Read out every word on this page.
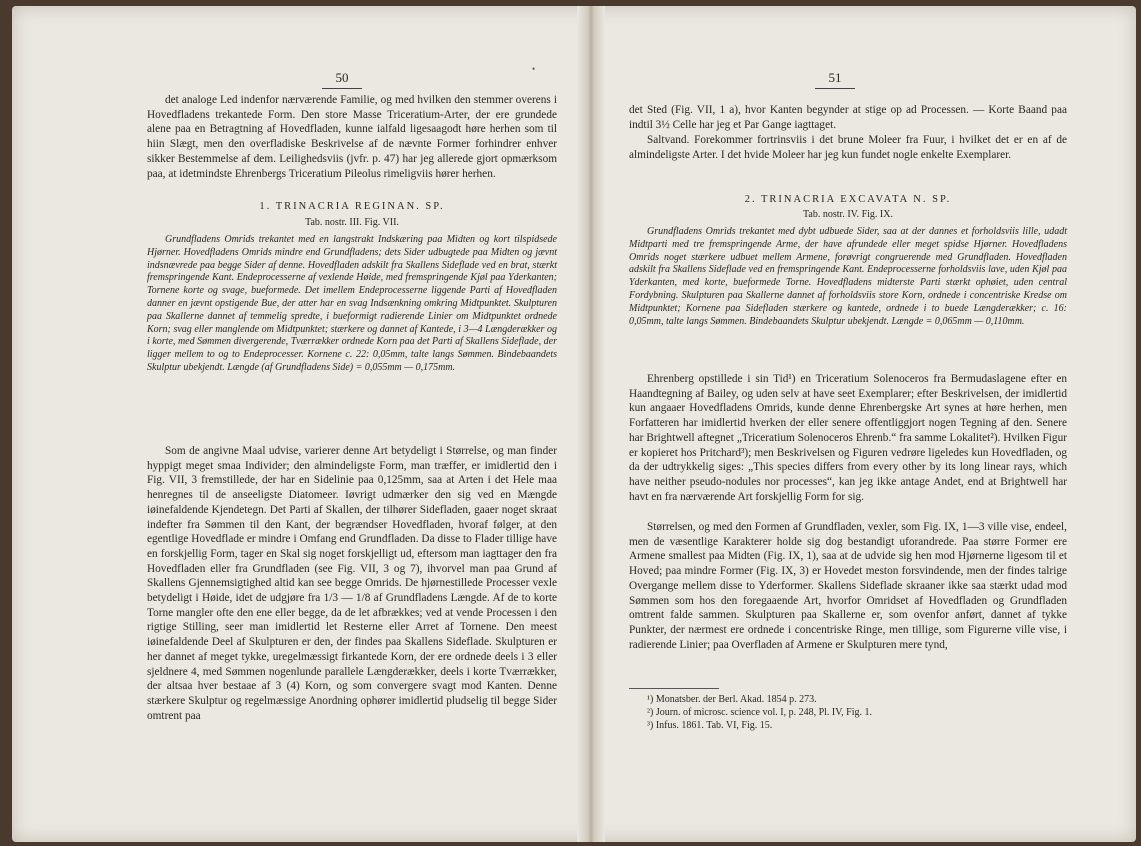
50
det analoge Led indenfor nærværende Familie, og med hvilken den stemmer overens i Hovedfladens trekantede Form. Den store Masse Triceratium-Arter, der ere grundede alene paa en Betragtning af Hovedfladen, kunne ialfald ligesaagodt høre herhen som til hiin Slægt, men den overfladiske Beskrivelse af de nævnte Former forhindrer enhver sikker Bestemmelse af dem. Leilighedsviis (jvfr. p. 47) har jeg allerede gjort opmærksom paa, at idetmindste Ehrenbergs Triceratium Pileolus rimeligviis hører herhen.
1. TRINACRIA REGINAN. SP.
Tab. nostr. III. Fig. VII.
Grundfladens Omrids trekantet med en langstrakt Indskæring paa Midten og kort tilspidsede Hjørner. Hovedfladens Omrids mindre end Grundfladens; dets Sider udbugtede paa Midten og jævnt indsnævrede paa begge Sider af denne. Hovedfladen adskilt fra Skallens Sideflade ved en brat, stærkt fremspringende Kant. Endeprocesserne af vexlende Høide, med fremspringende Kjøl paa Yderkanten; Tornene korte og svage, bueformede. Det imellem Endeprocesserne liggende Parti af Hovedfladen danner en jævnt opstigende Bue, der atter har en svag Indsænkning omkring Midtpunktet. Skulpturen paa Skallerne dannet af temmelig spredte, i bueformigt radierende Linier om Midtpunktet ordnede Korn; svag eller manglende om Midtpunktet; stærkere og dannet af Kantede, i 3—4 Længderækker og i korte, med Sømmen divergerende, Tværrækker ordnede Korn paa det Parti af Skallens Sideflade, der ligger mellem to og to Endeprocesser. Kornene c. 22: 0,05mm, talte langs Sømmen. Bindebaandets Skulptur ubekjendt. Længde (af Grundfladens Side) = 0,055mm — 0,175mm.
Som de angivne Maal udvise, varierer denne Art betydeligt i Størrelse, og man finder hyppigt meget smaa Individer; den almindeligste Form, man træffer, er imidlertid den i Fig. VII, 3 fremstillede, der har en Sidelinie paa 0,125mm, saa at Arten i det Hele maa henregnes til de anseeligste Diatomeer. Iøvrigt udmærker den sig ved en Mængde iøinefaldende Kjendetegn. Det Parti af Skallen, der tilhører Sidefladen, gaaer noget skraat indefter fra Sømmen til den Kant, der begrændser Hovedfladen, hvoraf følger, at den egentlige Hovedflade er mindre i Omfang end Grundfladen. Da disse to Flader tillige have en forskjellig Form, tager en Skal sig noget forskjelligt ud, eftersom man iagttager den fra Hovedfladen eller fra Grundfladen (see Fig. VII, 3 og 7), ihvorvel man paa Grund af Skallens Gjennemsigtighed altid kan see begge Omrids. De hjørnestillede Processer vexle betydeligt i Høide, idet de udgjøre fra 1/3 — 1/8 af Grundfladens Længde. Af de to korte Torne mangler ofte den ene eller begge, da de let afbrækkes; ved at vende Processen i den rigtige Stilling, seer man imidlertid let Resterne eller Arret af Tornene. Den meest iøinefaldende Deel af Skulpturen er den, der findes paa Skallens Sideflade. Skulpturen er her dannet af meget tykke, uregelmæssigt firkantede Korn, der ere ordnede deels i 3 eller sjeldnere 4, med Sømmen nogenlunde parallele Længderækker, deels i korte Tværrækker, der altsaa hver bestaae af 3 (4) Korn, og som convergere svagt mod Kanten. Denne stærkere Skulptur og regelmæssige Anordning ophører imidlertid pludselig til begge Sider omtrent paa
•
51
det Sted (Fig. VII, 1 a), hvor Kanten begynder at stige op ad Processen. — Korte Baand paa indtil 3½ Celle har jeg et Par Gange iagttaget.
Saltvand. Forekommer fortrinsviis i det brune Moleer fra Fuur, i hvilket det er en af de almindeligste Arter. I det hvide Moleer har jeg kun fundet nogle enkelte Exemplarer.
2. TRINACRIA EXCAVATA N. SP.
Tab. nostr. IV. Fig. IX.
Grundfladens Omrids trekantet med dybt udbuede Sider, saa at der dannes et forholdsviis lille, udadt Midtparti med tre fremspringende Arme, der have afrundede eller meget spidse Hjørner. Hovedfladens Omrids noget stærkere udbuet mellem Armene, forøvrigt congruerende med Grundfladen. Hovedfladen adskilt fra Skallens Sideflade ved en fremspringende Kant. Endeprocesserne forholdsviis lave, uden Kjøl paa Yderkanten, med korte, bueformede Torne. Hovedfladens midterste Parti stærkt ophøiet, uden central Fordybning. Skulpturen paa Skallerne dannet af forholdsviis store Korn, ordnede i concentriske Kredse om Midtpunktet; Kornene paa Sidefladen stærkere og kantede, ordnede i to buede Længderækker; c. 16: 0,05mm, talte langs Sømmen. Bindebaandets Skulptur ubekjendt. Længde = 0,065mm — 0,110mm.
Ehrenberg opstillede i sin Tid¹) en Triceratium Solenoceros fra Bermudaslagene efter en Haandtegning af Bailey, og uden selv at have seet Exemplarer; efter Beskrivelsen, der imidlertid kun angaaer Hovedfladens Omrids, kunde denne Ehrenbergske Art synes at høre herhen, men Forfatteren har imidlertid hverken der eller senere offentliggjort nogen Tegning af den. Senere har Brightwell aftegnet „Triceratium Solenoceros Ehrenb.“ fra samme Lokalitet²). Hvilken Figur er kopieret hos Pritchard³); men Beskrivelsen og Figuren vedrøre ligeledes kun Hovedfladen, og da der udtrykkelig siges: „This species differs from every other by its long linear rays, which have neither pseudo-nodules nor processes“, kan jeg ikke antage Andet, end at Brightwell har havt en fra nærværende Art forskjellig Form for sig.
Størrelsen, og med den Formen af Grundfladen, vexler, som Fig. IX, 1—3 ville vise, endeel, men de væsentlige Karakterer holde sig dog bestandigt uforandrede. Paa større Former ere Armene smallest paa Midten (Fig. IX, 1), saa at de udvide sig hen mod Hjørnerne ligesom til et Hoved; paa mindre Former (Fig. IX, 3) er Hovedet meston forsvindende, men der findes talrige Overgange mellem disse to Yderformer. Skallens Sideflade skraaner ikke saa stærkt udad mod Sømmen som hos den foregaaende Art, hvorfor Omridset af Hovedfladen og Grundfladen omtrent falde sammen. Skulpturen paa Skallerne er, som ovenfor anført, dannet af tykke Punkter, der nærmest ere ordnede i concentriske Ringe, men tillige, som Figurerne ville vise, i radierende Linier; paa Overfladen af Armene er Skulpturen mere tynd,
¹) Monatsber. der Berl. Akad. 1854 p. 273.
²) Journ. of microsc. science vol. I, p. 248, Pl. IV, Fig. 1.
³) Infus. 1861. Tab. VI, Fig. 15.
